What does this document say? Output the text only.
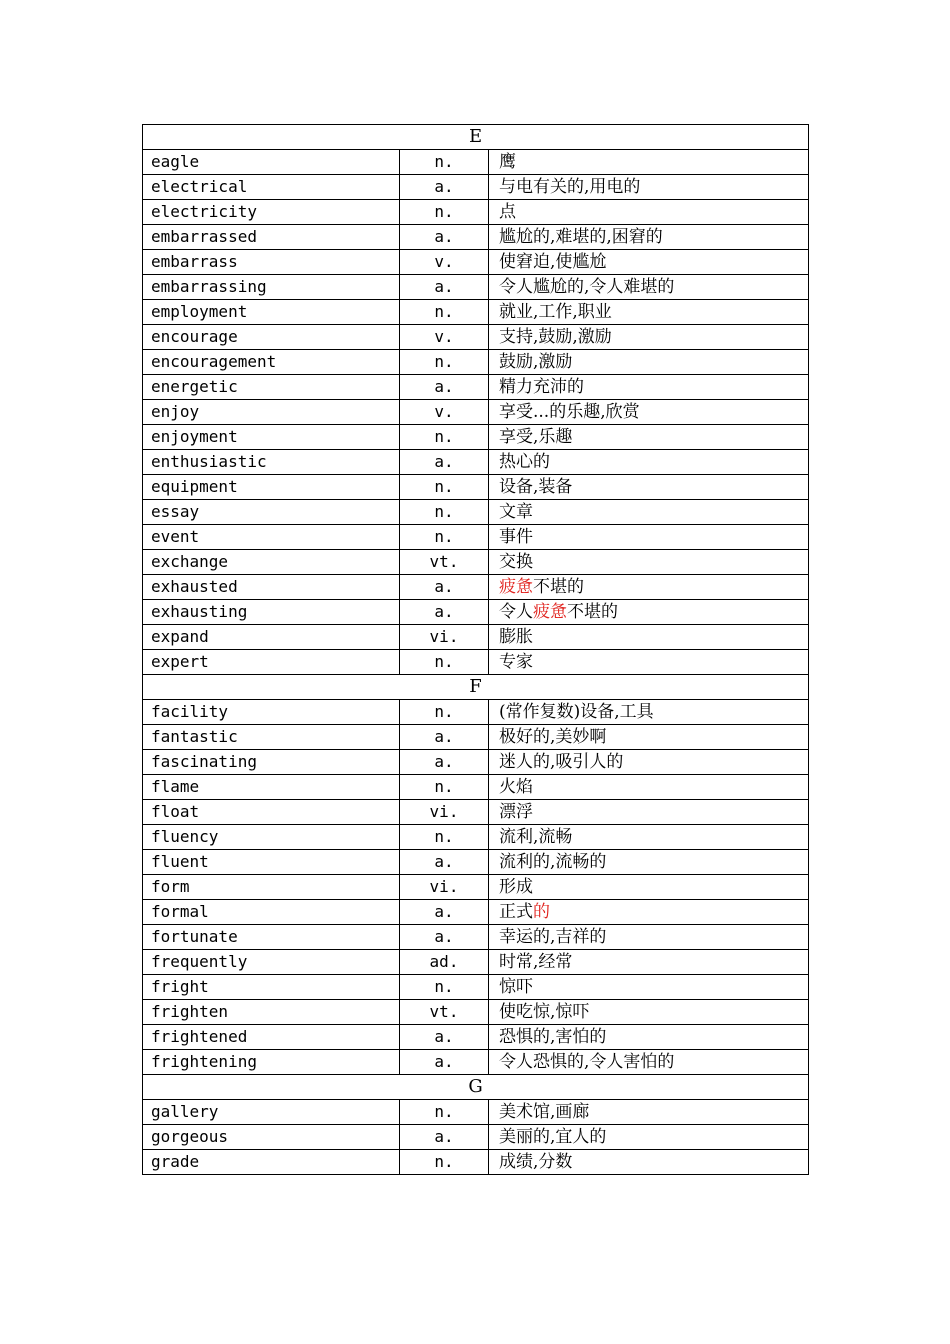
E		
eagle	n.	鹰
electrical	a.	与电有关的,用电的
electricity	n.	点
embarrassed	a.	尴尬的,难堪的,困窘的
embarrass	v.	使窘迫,使尴尬
embarrassing	a.	令人尴尬的,令人难堪的
employment	n.	就业,工作,职业
encourage	v.	支持,鼓励,激励
encouragement	n.	鼓励,激励
energetic	a.	精力充沛的
enjoy	v.	享受...的乐趣,欣赏
enjoyment	n.	享受,乐趣
enthusiastic	a.	热心的
equipment	n.	设备,装备
essay	n.	文章
event	n.	事件
exchange	vt.	交换
exhausted	a.	疲惫不堪的
exhausting	a.	令人疲惫不堪的
expand	vi.	膨胀
expert	n.	专家
F		
facility	n.	(常作复数)设备,工具
fantastic	a.	极好的,美妙啊
fascinating	a.	迷人的,吸引人的
flame	n.	火焰
float	vi.	漂浮
fluency	n.	流利,流畅
fluent	a.	流利的,流畅的
form	vi.	形成
formal	a.	正式的
fortunate	a.	幸运的,吉祥的
frequently	ad.	时常,经常
fright	n.	惊吓
frighten	vt.	使吃惊,惊吓
frightened	a.	恐惧的,害怕的
frightening	a.	令人恐惧的,令人害怕的
G		
gallery	n.	美术馆,画廊
gorgeous	a.	美丽的,宜人的
grade	n.	成绩,分数
